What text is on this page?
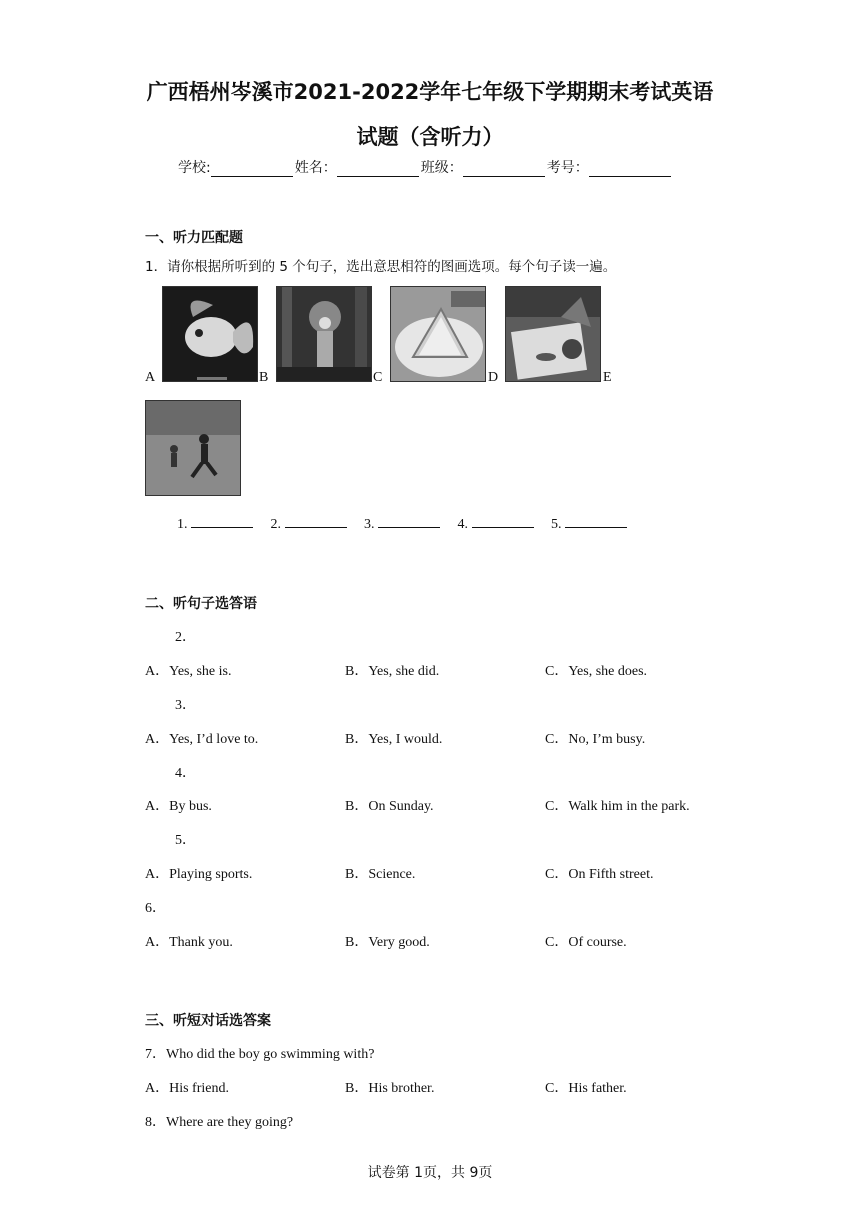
广西梧州岑溪市2021-2022学年七年级下学期期末考试英语
试题（含听力）
学校:	姓名：	班级：	考号：
一、听力匹配题
1．请你根据所听到的 5 个句子，选出意思相符的图画选项。每个句子读一遍。
A	B	C	D	E
1.	2.	3.	4.	5.
二、听句子选答语
2．
A．Yes, she is.	B．Yes, she did.	C．Yes, she does.
3．
A．Yes, I’d love to.	B．Yes, I would.	C．No, I’m busy.
4．
A．By bus.	B．On Sunday.	C．Walk him in the park.
5．
A．Playing sports.	B．Science.	C．On Fifth street.
6．
A．Thank you.	B．Very good.	C．Of course.
三、听短对话选答案
7．Who did the boy go swimming with?
A．His friend.	B．His brother.	C．His father.
8．Where are they going?
试卷第 1页，共 9页
